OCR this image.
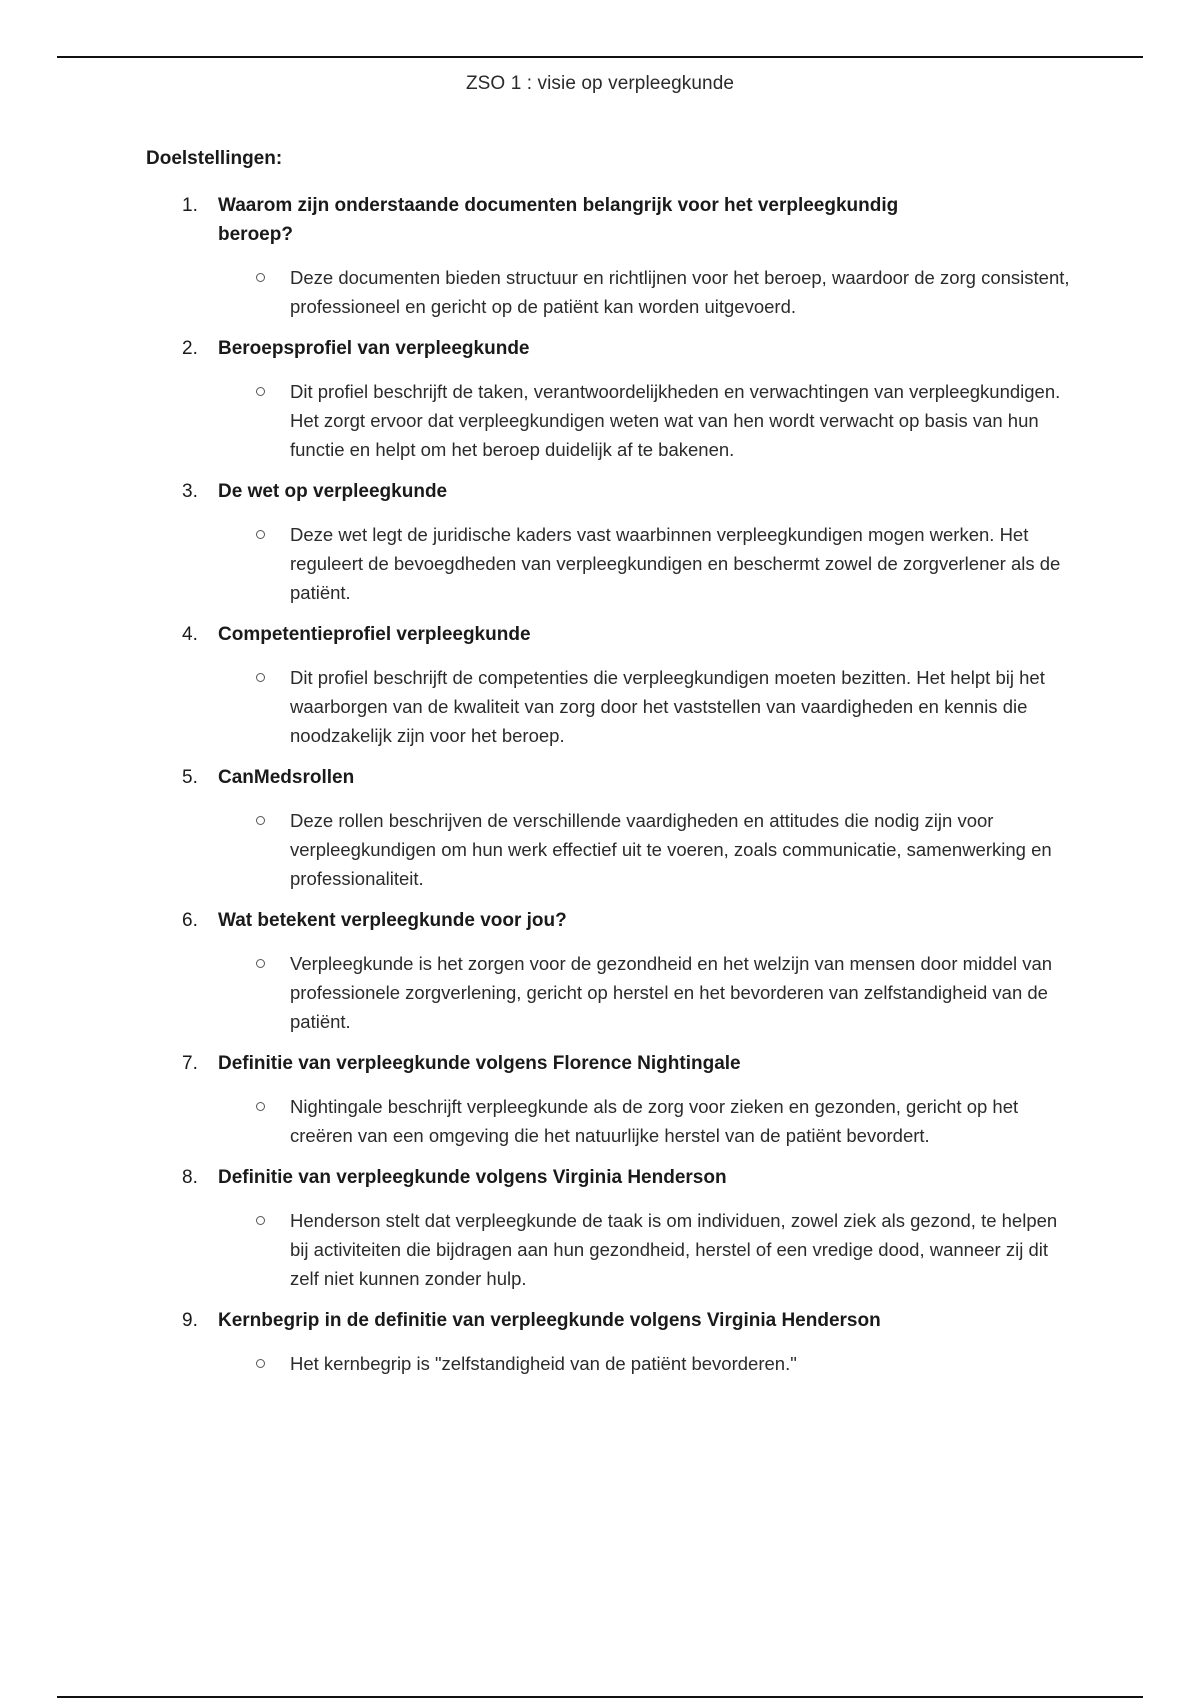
ZSO 1 : visie op verpleegkunde
Doelstellingen:
1. Waarom zijn onderstaande documenten belangrijk voor het verpleegkundig beroep?
Deze documenten bieden structuur en richtlijnen voor het beroep, waardoor de zorg consistent, professioneel en gericht op de patiënt kan worden uitgevoerd.
2. Beroepsprofiel van verpleegkunde
Dit profiel beschrijft de taken, verantwoordelijkheden en verwachtingen van verpleegkundigen. Het zorgt ervoor dat verpleegkundigen weten wat van hen wordt verwacht op basis van hun functie en helpt om het beroep duidelijk af te bakenen.
3. De wet op verpleegkunde
Deze wet legt de juridische kaders vast waarbinnen verpleegkundigen mogen werken. Het reguleert de bevoegdheden van verpleegkundigen en beschermt zowel de zorgverlener als de patiënt.
4. Competentieprofiel verpleegkunde
Dit profiel beschrijft de competenties die verpleegkundigen moeten bezitten. Het helpt bij het waarborgen van de kwaliteit van zorg door het vaststellen van vaardigheden en kennis die noodzakelijk zijn voor het beroep.
5. CanMedsrollen
Deze rollen beschrijven de verschillende vaardigheden en attitudes die nodig zijn voor verpleegkundigen om hun werk effectief uit te voeren, zoals communicatie, samenwerking en professionaliteit.
6. Wat betekent verpleegkunde voor jou?
Verpleegkunde is het zorgen voor de gezondheid en het welzijn van mensen door middel van professionele zorgverlening, gericht op herstel en het bevorderen van zelfstandigheid van de patiënt.
7. Definitie van verpleegkunde volgens Florence Nightingale
Nightingale beschrijft verpleegkunde als de zorg voor zieken en gezonden, gericht op het creëren van een omgeving die het natuurlijke herstel van de patiënt bevordert.
8. Definitie van verpleegkunde volgens Virginia Henderson
Henderson stelt dat verpleegkunde de taak is om individuen, zowel ziek als gezond, te helpen bij activiteiten die bijdragen aan hun gezondheid, herstel of een vredige dood, wanneer zij dit zelf niet kunnen zonder hulp.
9. Kernbegrip in de definitie van verpleegkunde volgens Virginia Henderson
Het kernbegrip is "zelfstandigheid van de patiënt bevorderen."
